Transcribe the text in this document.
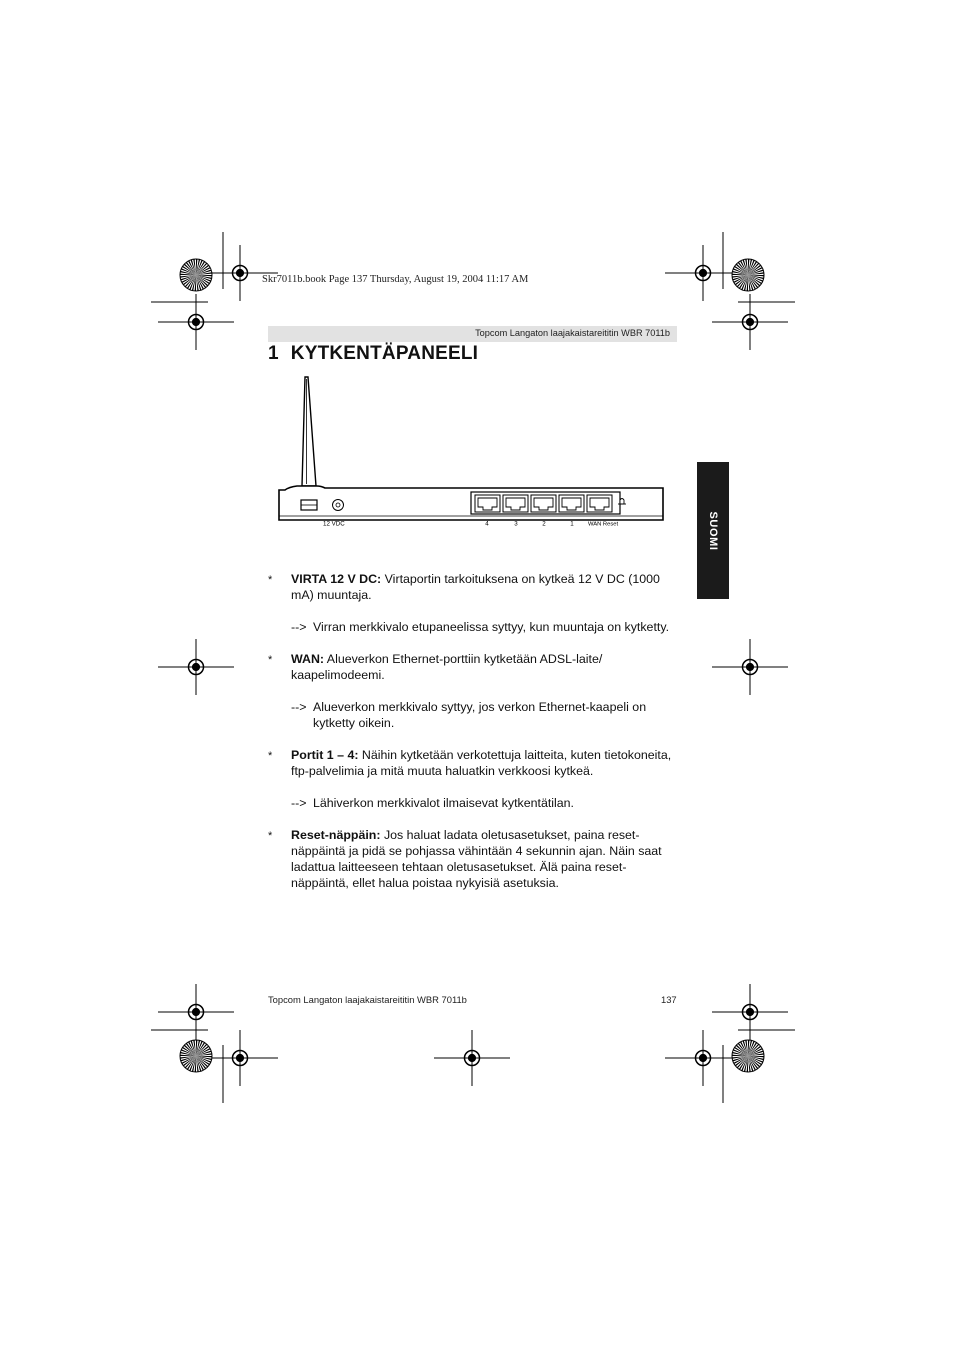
Skr7011b.book Page 137 Thursday, August 19, 2004 11:17 AM
Topcom Langaton laajakaistareititin WBR 7011b
1 KYTKENTÄPANEELI
SUOMI
12 VDC	4	3	2	1 WAN Reset
* VIRTA 12 V DC: Virtaportin tarkoituksena on kytkeä 12 V DC (1000 mA) muuntaja.

--> Virran merkkivalo etupaneelissa syttyy, kun muuntaja on kytketty.
* WAN: Alueverkon Ethernet-porttiin kytketään ADSL-laite/ kaapelimodeemi.

--> Alueverkon merkkivalo syttyy, jos verkon Ethernet-kaapeli on kytketty oikein.
* Portit 1 – 4: Näihin kytketään verkotettuja laitteita, kuten tietokoneita, ftp-palvelimia ja mitä muuta haluatkin verkkoosi kytkeä.

--> Lähiverkon merkkivalot ilmaisevat kytkentätilan.
* Reset-näppäin: Jos haluat ladata oletusasetukset, paina reset-näppäintä ja pidä se pohjassa vähintään 4 sekunnin ajan. Näin saat ladattua laitteeseen tehtaan oletusasetukset. Älä paina reset-näppäintä, ellet halua poistaa nykyisiä asetuksia.

Topcom Langaton laajakaistareititin WBR 7011b	137
